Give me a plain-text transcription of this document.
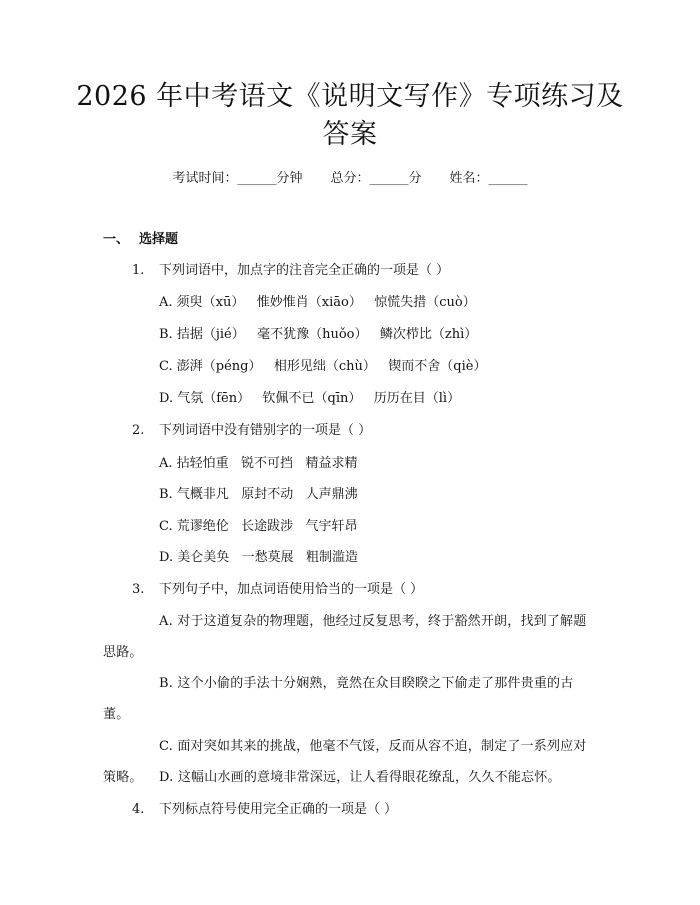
2026 年中考语文《说明文写作》专项练习及
答案
考试时间：______分钟 总分：______分 姓名：______
一、 选择题
1. 下列词语中，加点字的注音完全正确的一项是（ ）
A. 须臾（xū）   惟妙惟肖（xiāo）   惊慌失措（cuò）
B. 拮据（jié）   毫不犹豫（huǒo）   鳞次栉比（zhì）
C. 澎湃（péng）   相形见绌（chù）   锲而不舍（qiè）
D. 气氛（fēn）   钦佩不已（qīn）   历历在目（lì）
2. 下列词语中没有错别字的一项是（ ）
A. 拈轻怕重   锐不可挡   精益求精
B. 气概非凡   原封不动   人声鼎沸
C. 荒谬绝伦   长途跋涉   气宇轩昂
D. 美仑美奂   一愁莫展   粗制滥造
3. 下列句子中，加点词语使用恰当的一项是（ ）
A. 对于这道复杂的物理题，他经过反复思考，终于豁然开朗，找到了解题思路。
B. 这个小偷的手法十分娴熟，竟然在众目睽睽之下偷走了那件贵重的古董。
C. 面对突如其来的挑战，他毫不气馁，反而从容不迫，制定了一系列应对策略。	D. 这幅山水画的意境非常深远，让人看得眼花缭乱，久久不能忘怀。
4. 下列标点符号使用完全正确的一项是（ ）
